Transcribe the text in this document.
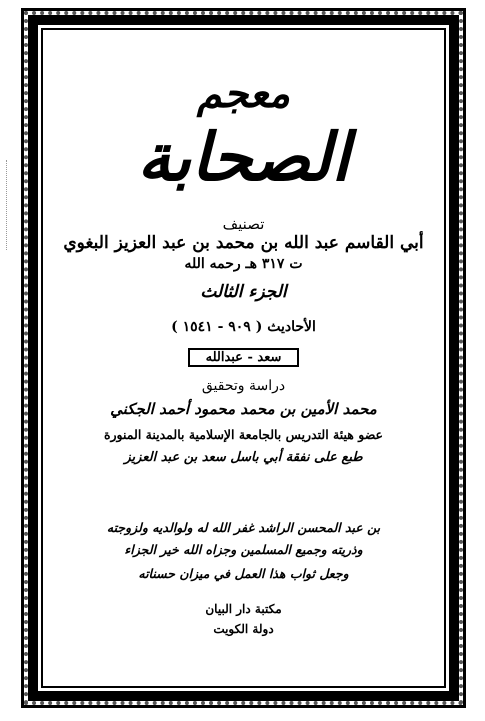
معجم
الصحابة
تصنيف
أبي القاسم عبد الله بن محمد بن عبد العزيز البغوي
ت ٣١٧ هـ رحمه الله
الجزء الثالث
الأحاديث ( ٩٠٩ - ١٥٤١ )
سعد - عبدالله
دراسة وتحقيق
محمد الأمين بن محمد محمود أحمد الجكني
عضو هيئة التدريس بالجامعة الإسلامية بالمدينة المنورة
طبع على نفقة أبي باسل سعد بن عبد العزيز
بن عبد المحسن الراشد غفر الله له ولوالديه ولزوجته
وذريته وجميع المسلمين وجزاه الله خير الجزاء
وجعل ثواب هذا العمل في ميزان حسناته
مكتبة دار البيان
دولة الكويت
